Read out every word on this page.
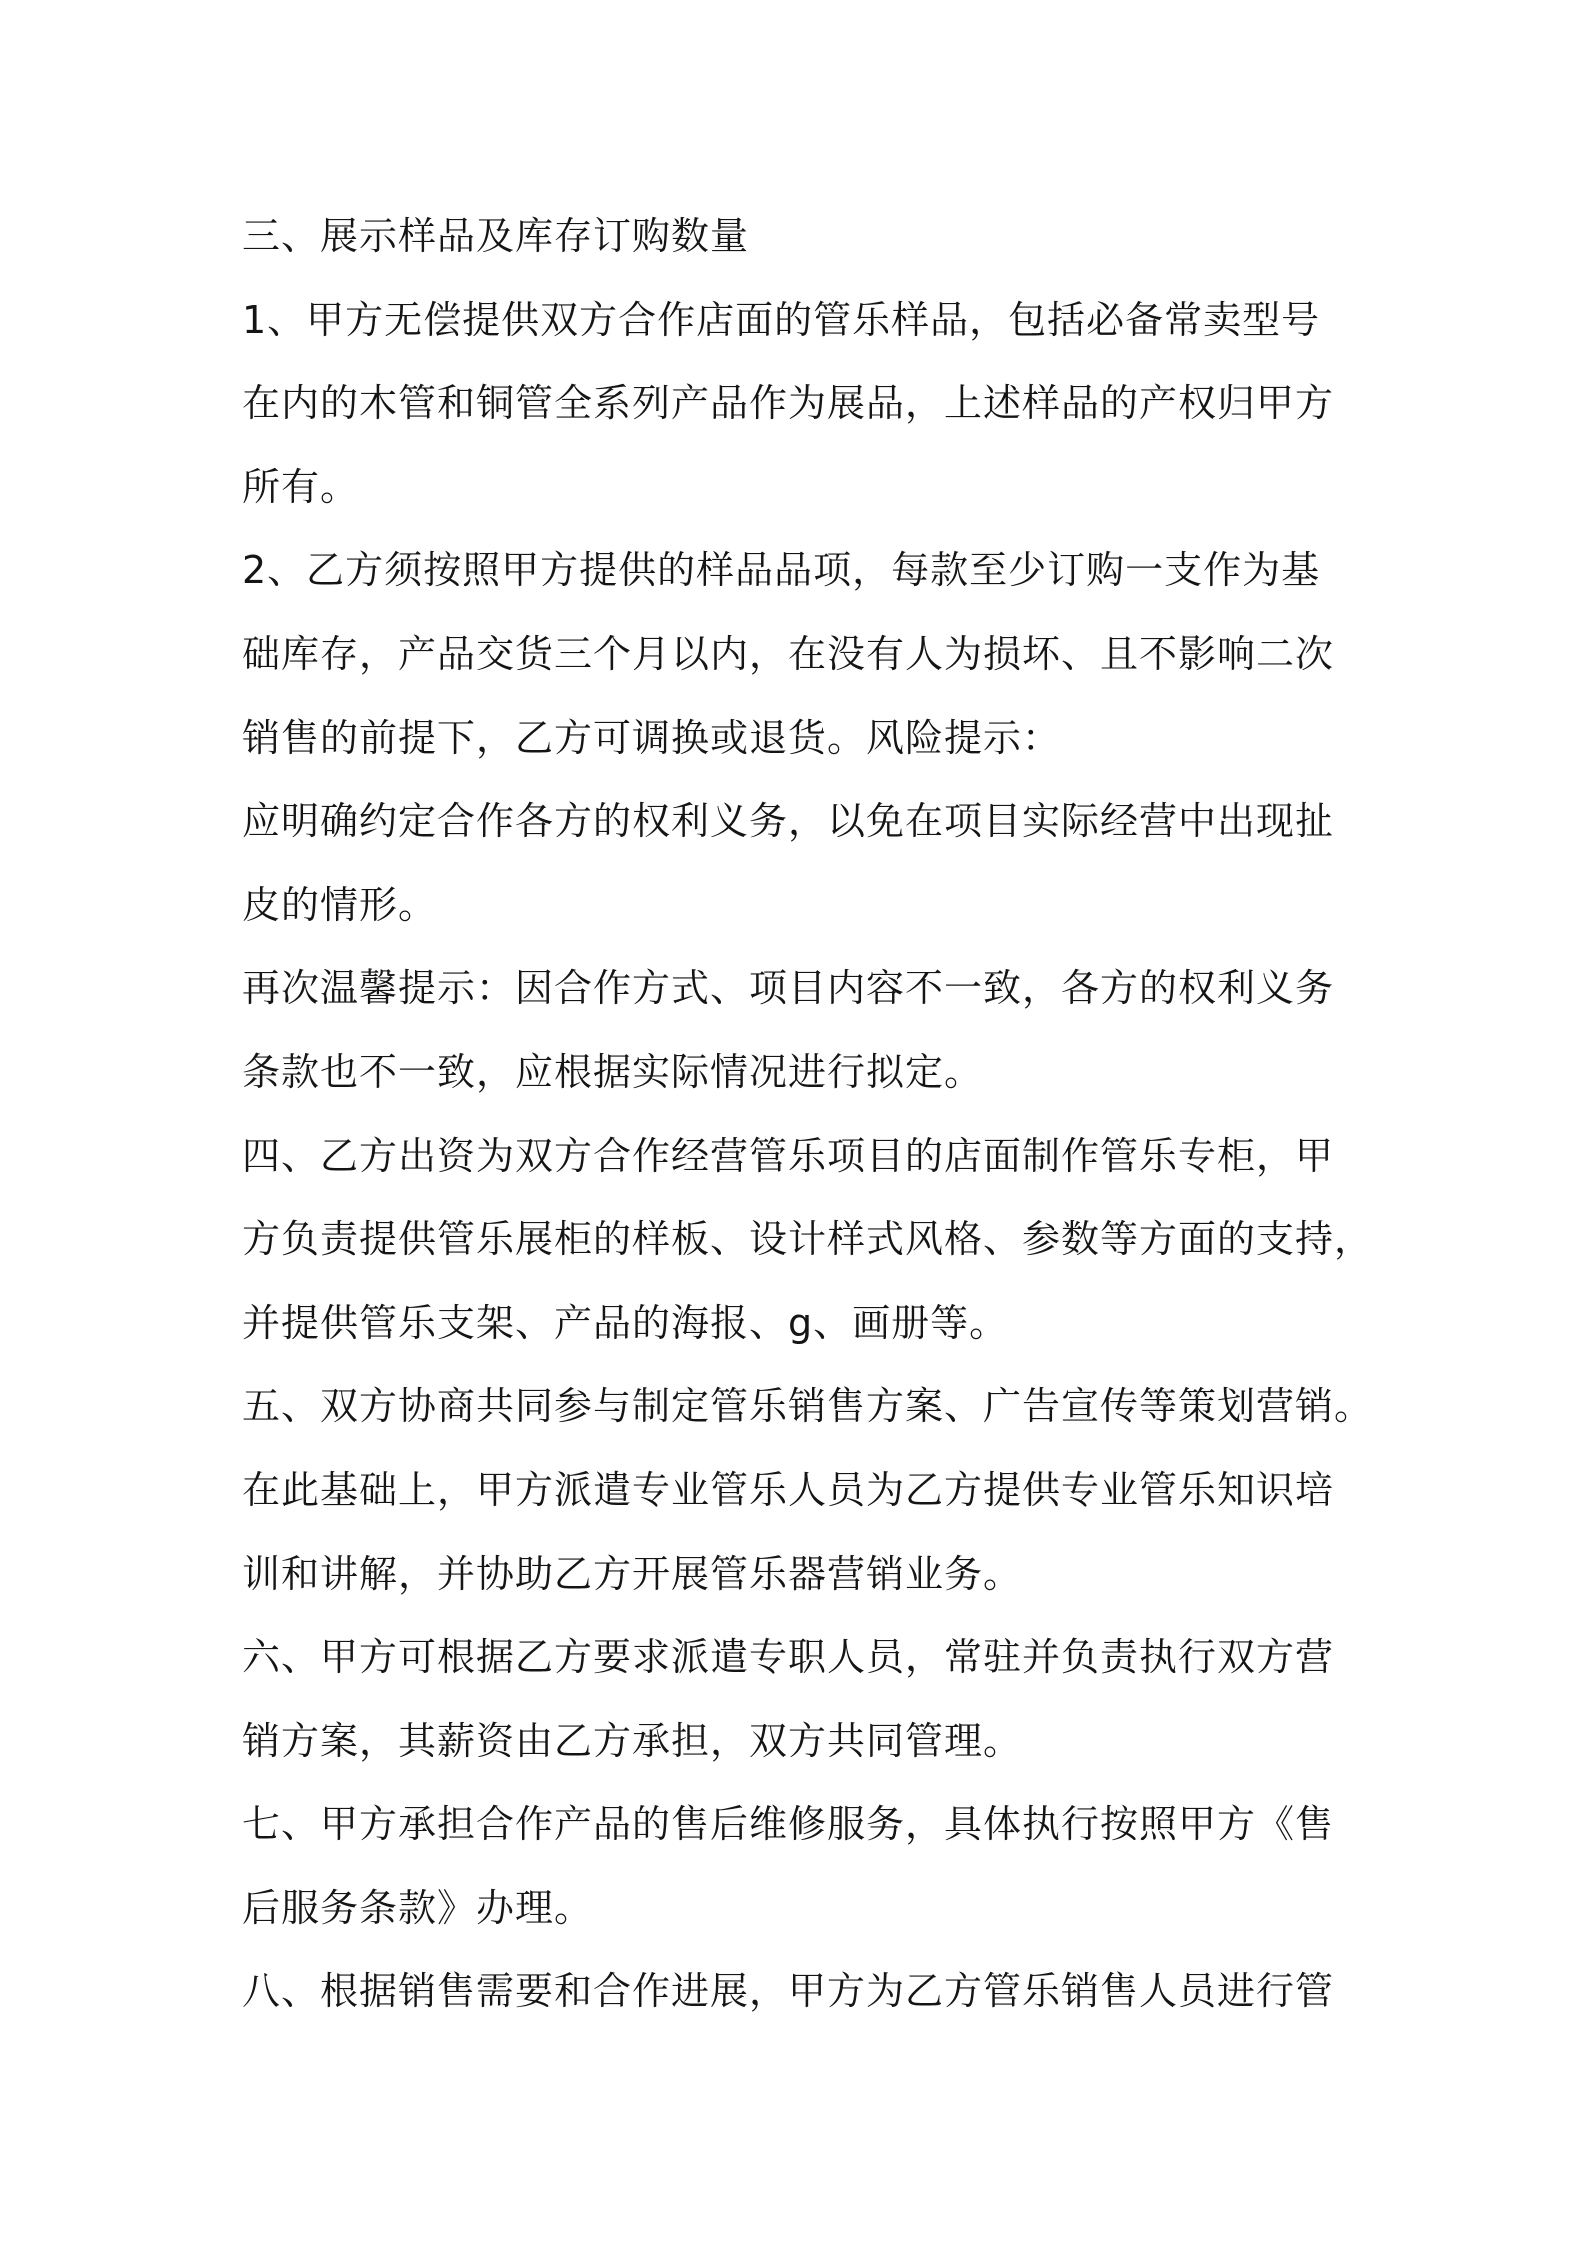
三、展示样品及库存订购数量
1、甲方无偿提供双方合作店面的管乐样品，包括必备常卖型号
在内的木管和铜管全系列产品作为展品，上述样品的产权归甲方
所有。
2、乙方须按照甲方提供的样品品项，每款至少订购一支作为基
础库存，产品交货三个月以内，在没有人为损坏、且不影响二次
销售的前提下，乙方可调换或退货。风险提示：
应明确约定合作各方的权利义务，以免在项目实际经营中出现扯
皮的情形。
再次温馨提示：因合作方式、项目内容不一致，各方的权利义务
条款也不一致，应根据实际情况进行拟定。
四、乙方出资为双方合作经营管乐项目的店面制作管乐专柜，甲
方负责提供管乐展柜的样板、设计样式风格、参数等方面的支持，
并提供管乐支架、产品的海报、g、画册等。
五、双方协商共同参与制定管乐销售方案、广告宣传等策划营销。
在此基础上，甲方派遣专业管乐人员为乙方提供专业管乐知识培
训和讲解，并协助乙方开展管乐器营销业务。
六、甲方可根据乙方要求派遣专职人员，常驻并负责执行双方营
销方案，其薪资由乙方承担，双方共同管理。
七、甲方承担合作产品的售后维修服务，具体执行按照甲方《售
后服务条款》办理。
八、根据销售需要和合作进展，甲方为乙方管乐销售人员进行管
